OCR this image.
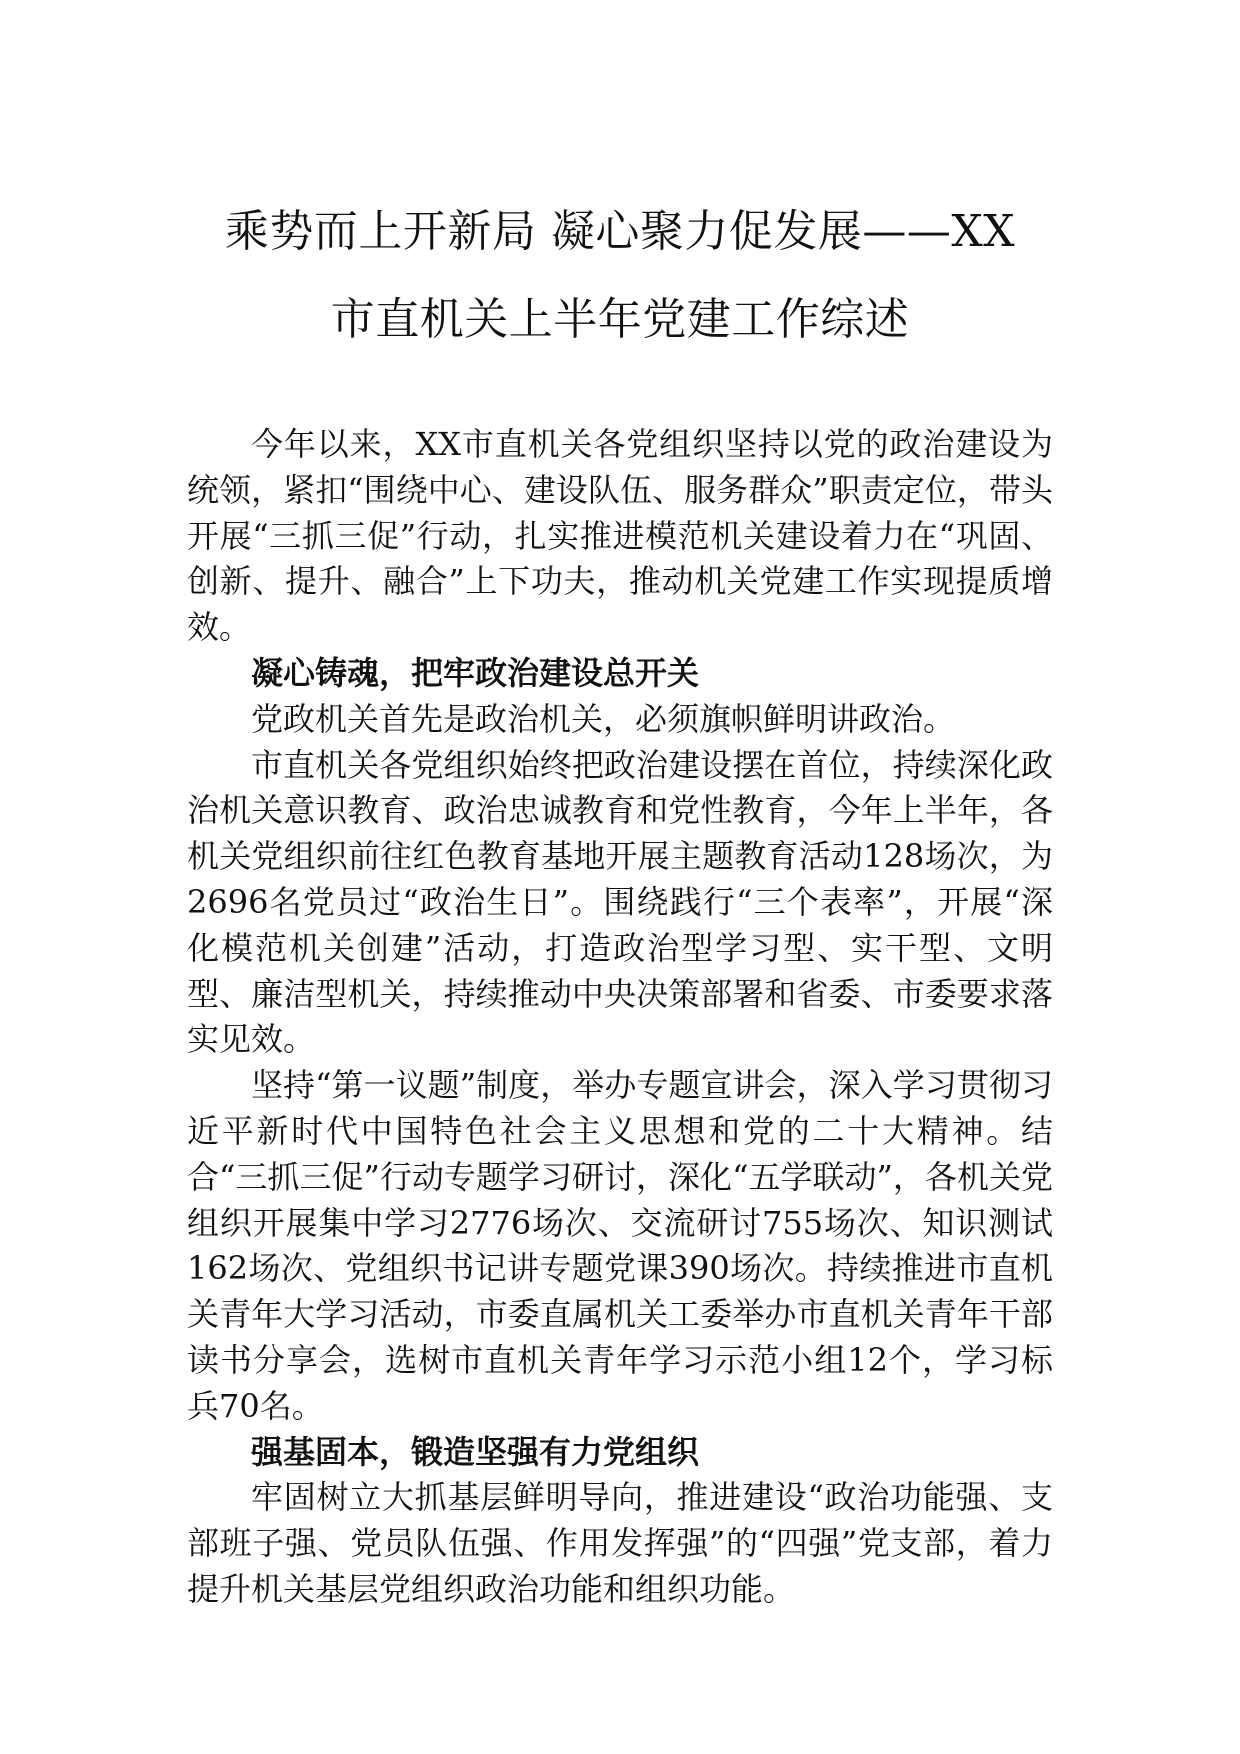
乘势而上开新局 凝心聚力促发展——XX
市直机关上半年党建工作综述

今年以来，XX市直机关各党组织坚持以党的政治建设为统领，紧扣“围绕中心、建设队伍、服务群众”职责定位，带头开展“三抓三促”行动，扎实推进模范机关建设着力在“巩固、创新、提升、融合”上下功夫，推动机关党建工作实现提质增效。

凝心铸魂，把牢政治建设总开关

党政机关首先是政治机关，必须旗帜鲜明讲政治。

市直机关各党组织始终把政治建设摆在首位，持续深化政治机关意识教育、政治忠诚教育和党性教育，今年上半年，各机关党组织前往红色教育基地开展主题教育活动128场次，为2696名党员过“政治生日”。围绕践行“三个表率”，开展“深化模范机关创建”活动，打造政治型学习型、实干型、文明型、廉洁型机关，持续推动中央决策部署和省委、市委要求落实见效。

坚持“第一议题”制度，举办专题宣讲会，深入学习贯彻习近平新时代中国特色社会主义思想和党的二十大精神。结合“三抓三促”行动专题学习研讨，深化“五学联动”，各机关党组织开展集中学习2776场次、交流研讨755场次、知识测试162场次、党组织书记讲专题党课390场次。持续推进市直机关青年大学习活动，市委直属机关工委举办市直机关青年干部读书分享会，选树市直机关青年学习示范小组12个，学习标兵70名。

强基固本，锻造坚强有力党组织

牢固树立大抓基层鲜明导向，推进建设“政治功能强、支部班子强、党员队伍强、作用发挥强”的“四强”党支部，着力提升机关基层党组织政治功能和组织功能。
